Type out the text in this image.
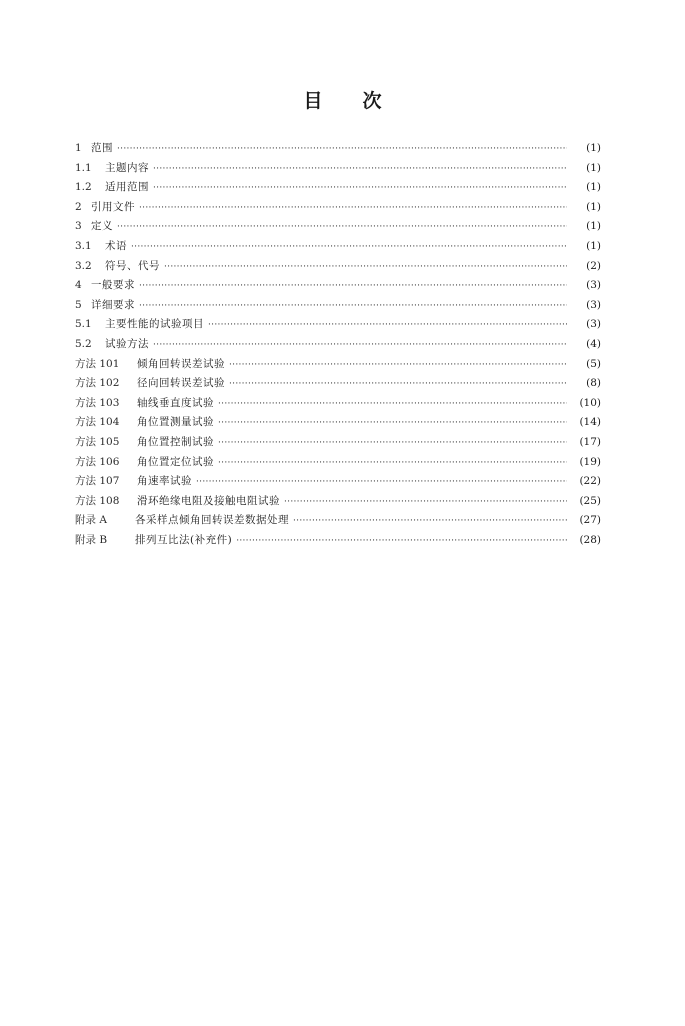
目 次
1 范围 ·····	(1)
1.1	主题内容 ·····	(1)
1.2	适用范围 ·····	(1)
2 引用文件 ·····	(1)
3 定义 ·····	(1)
3.1	术语 ·····	(1)
3.2	符号、代号 ·····	(2)
4 一般要求 ·····	(3)
5 详细要求 ·····	(3)
5.1	主要性能的试验项目 ·····	(3)
5.2	试验方法 ·····	(4)
方法 101	倾角回转误差试验 ·····	(5)
方法 102	径向回转误差试验 ·····	(8)
方法 103	轴线垂直度试验 ·····	(10)
方法 104	角位置测量试验 ·····	(14)
方法 105	角位置控制试验 ·····	(17)
方法 106	角位置定位试验 ·····	(19)
方法 107	角速率试验 ·····	(22)
方法 108	滑环绝缘电阻及接触电阻试验 ·····	(25)
附录 A	各采样点倾角回转误差数据处理 ·····	(27)
附录 B	排列互比法(补充件) ·····	(28)
